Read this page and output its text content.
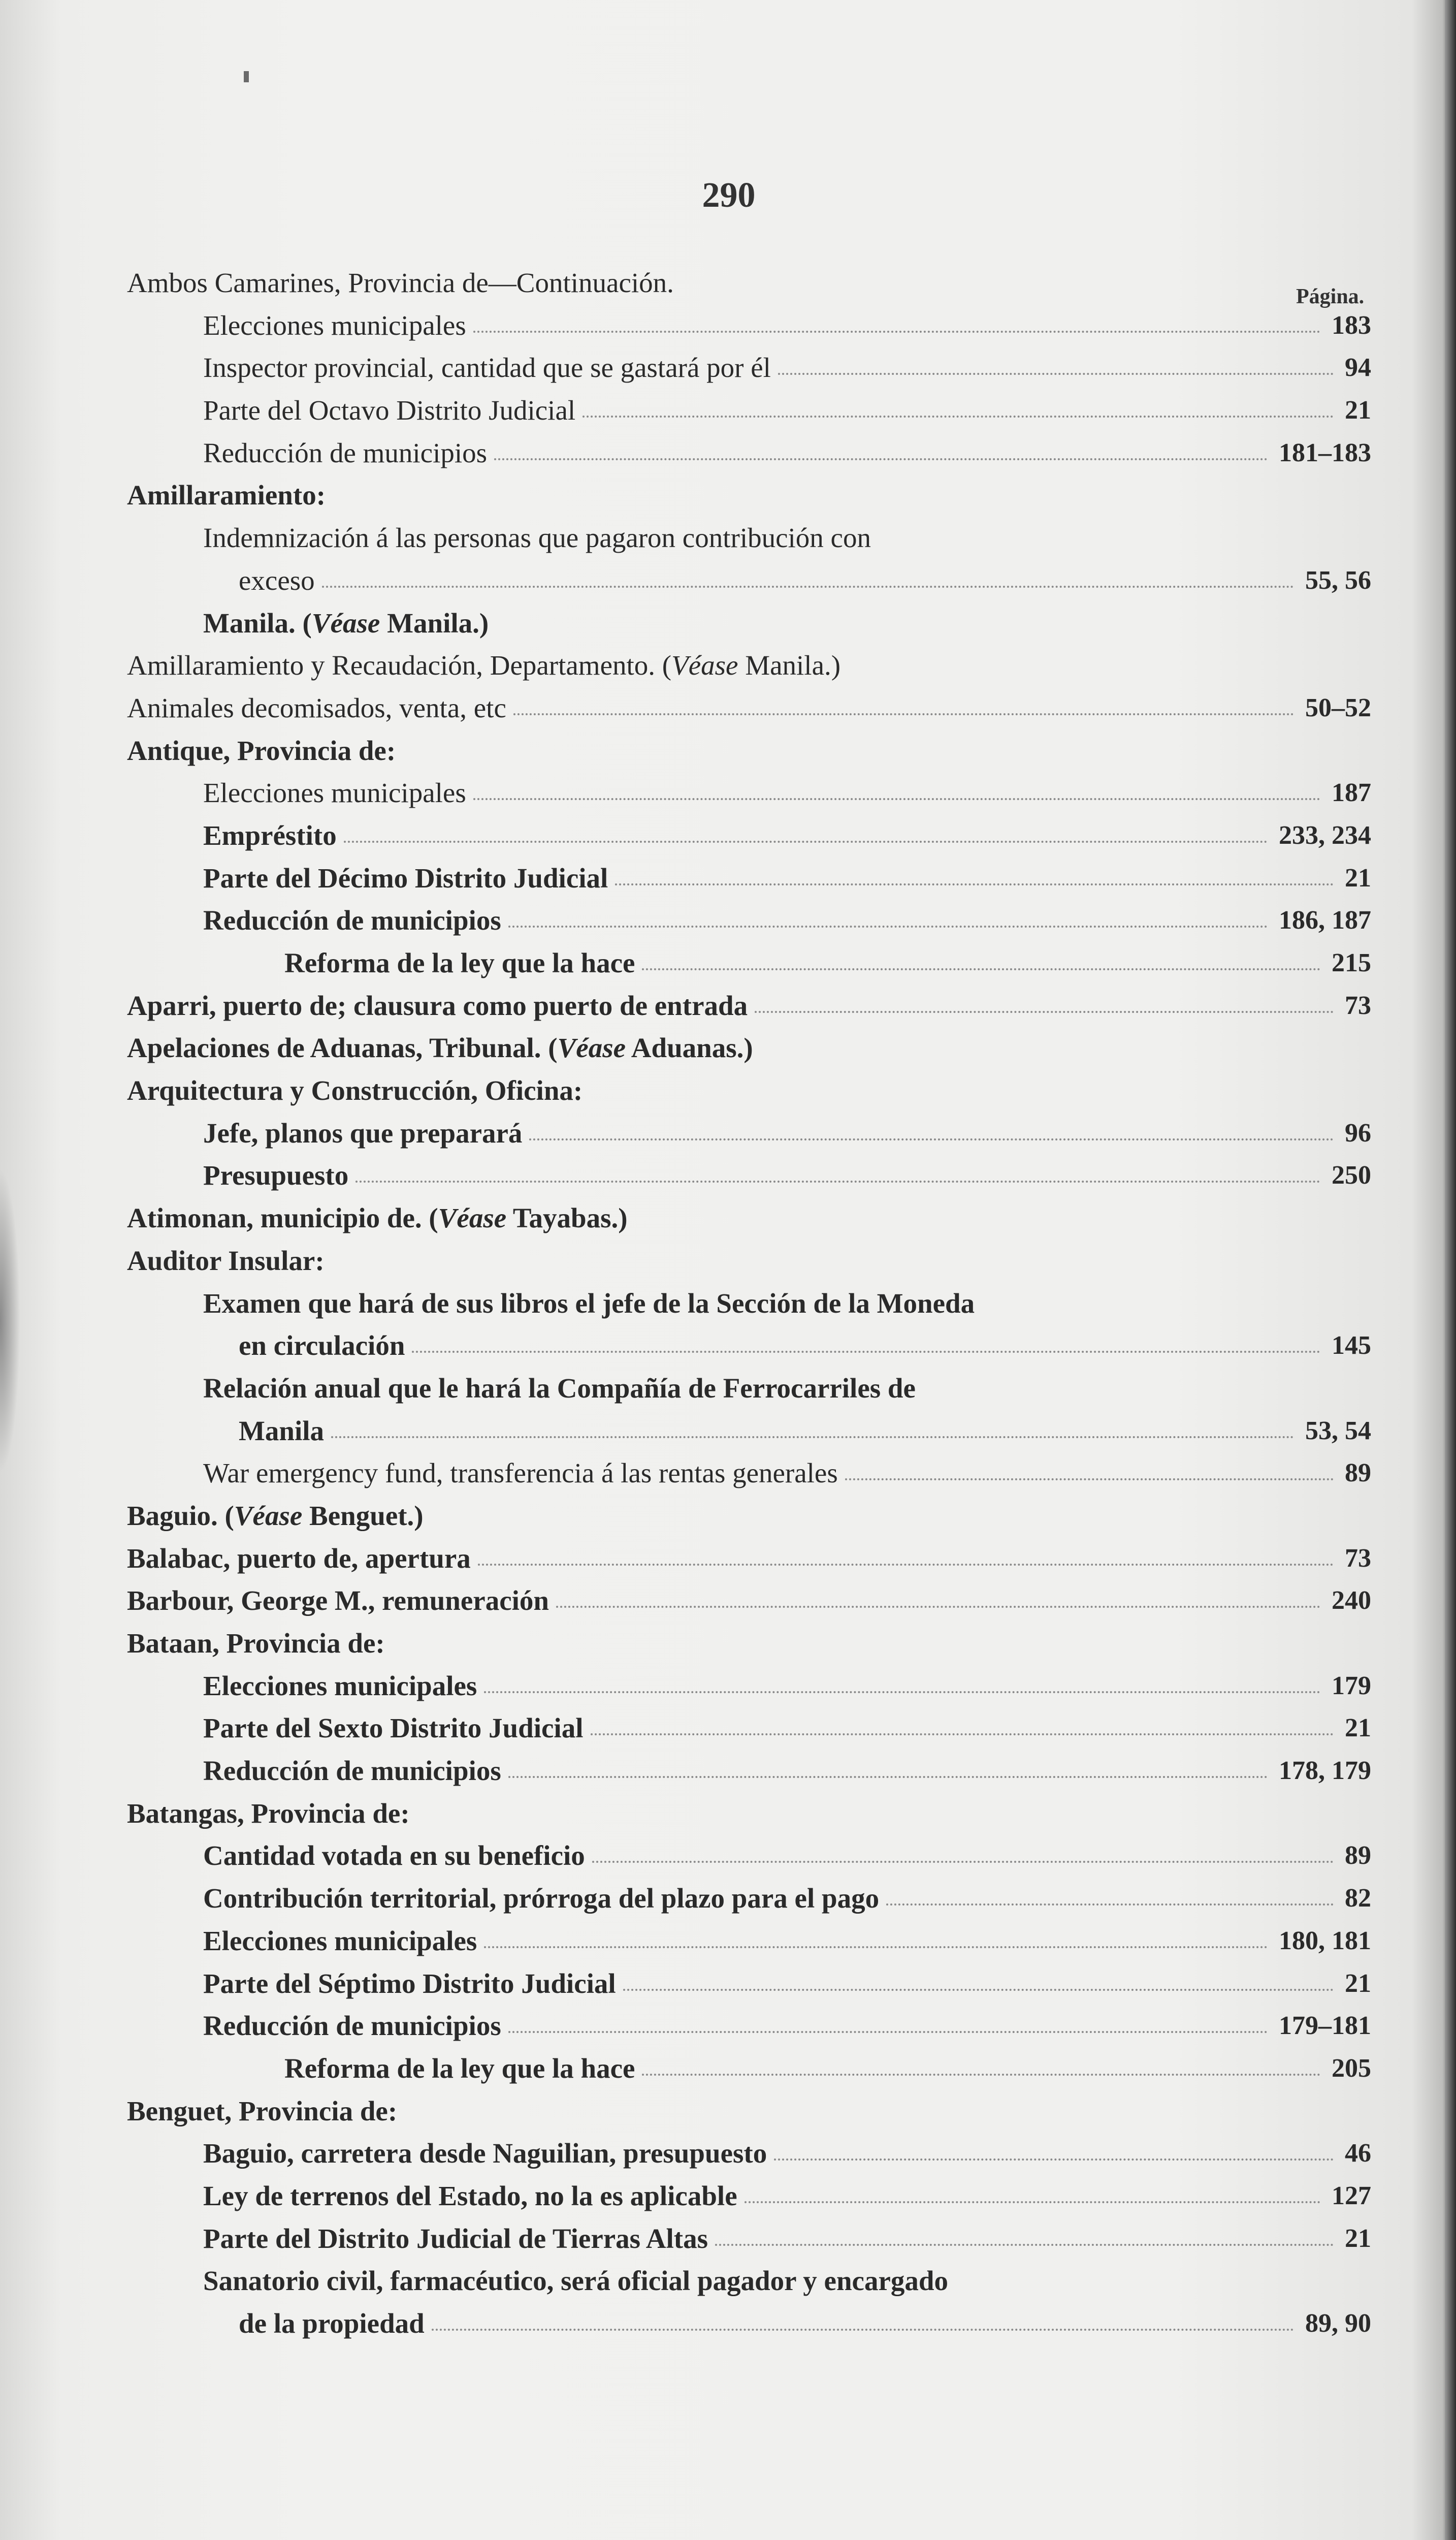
290
Página.
Ambos Camarines, Provincia de—Continuación.
Elecciones municipales	183
Inspector provincial, cantidad que se gastará por él	94
Parte del Octavo Distrito Judicial	21
Reducción de municipios	181–183
Amillaramiento:
Indemnización á las personas que pagaron contribución con
exceso	55, 56
Manila. (Véase Manila.)
Amillaramiento y Recaudación, Departamento. (Véase Manila.)
Animales decomisados, venta, etc	50–52
Antique, Provincia de:
Elecciones municipales	187
Empréstito	233, 234
Parte del Décimo Distrito Judicial	21
Reducción de municipios	186, 187
Reforma de la ley que la hace	215
Aparri, puerto de; clausura como puerto de entrada	73
Apelaciones de Aduanas, Tribunal. (Véase Aduanas.)
Arquitectura y Construcción, Oficina:
Jefe, planos que preparará	96
Presupuesto	250
Atimonan, municipio de. (Véase Tayabas.)
Auditor Insular:
Examen que hará de sus libros el jefe de la Sección de la Moneda
en circulación	145
Relación anual que le hará la Compañía de Ferrocarriles de
Manila	53, 54
War emergency fund, transferencia á las rentas generales	89
Baguio. (Véase Benguet.)
Balabac, puerto de, apertura	73
Barbour, George M., remuneración	240
Bataan, Provincia de:
Elecciones municipales	179
Parte del Sexto Distrito Judicial	21
Reducción de municipios	178, 179
Batangas, Provincia de:
Cantidad votada en su beneficio	89
Contribución territorial, prórroga del plazo para el pago	82
Elecciones municipales	180, 181
Parte del Séptimo Distrito Judicial	21
Reducción de municipios	179–181
Reforma de la ley que la hace	205
Benguet, Provincia de:
Baguio, carretera desde Naguilian, presupuesto	46
Ley de terrenos del Estado, no la es aplicable	127
Parte del Distrito Judicial de Tierras Altas	21
Sanatorio civil, farmacéutico, será oficial pagador y encargado
de la propiedad	89, 90
